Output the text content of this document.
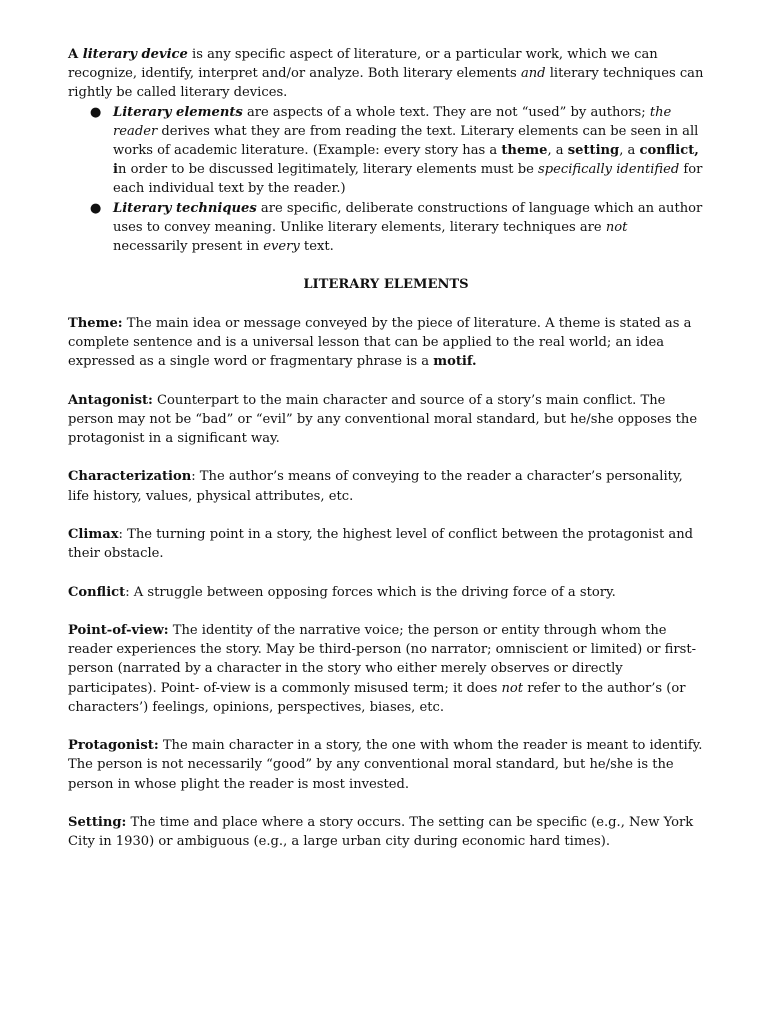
A literary device is any specific aspect of literature, or a particular work, which we can recognize, identify, interpret and/or analyze. Both literary elements and literary techniques can rightly be called literary devices.

● Literary elements are aspects of a whole text. They are not “used” by authors; the reader derives what they are from reading the text. Literary elements can be seen in all works of academic literature. (Example: every story has a theme, a setting, a conflict, in order to be discussed legitimately, literary elements must be specifically identified for each individual text by the reader.)
● Literary techniques are specific, deliberate constructions of language which an author uses to convey meaning. Unlike literary elements, literary techniques are not necessarily present in every text.

LITERARY ELEMENTS

Theme: The main idea or message conveyed by the piece of literature. A theme is stated as a complete sentence and is a universal lesson that can be applied to the real world; an idea expressed as a single word or fragmentary phrase is a motif.

Antagonist: Counterpart to the main character and source of a story’s main conflict. The person may not be “bad” or “evil” by any conventional moral standard, but he/she opposes the protagonist in a significant way.

Characterization: The author’s means of conveying to the reader a character’s personality, life history, values, physical attributes, etc.

Climax: The turning point in a story, the highest level of conflict between the protagonist and their obstacle.

Conflict: A struggle between opposing forces which is the driving force of a story.

Point-of-view: The identity of the narrative voice; the person or entity through whom the reader experiences the story. May be third-person (no narrator; omniscient or limited) or first-person (narrated by a character in the story who either merely observes or directly participates). Point- of-view is a commonly misused term; it does not refer to the author’s (or characters’) feelings, opinions, perspectives, biases, etc.

Protagonist: The main character in a story, the one with whom the reader is meant to identify. The person is not necessarily “good” by any conventional moral standard, but he/she is the person in whose plight the reader is most invested.

Setting: The time and place where a story occurs. The setting can be specific (e.g., New York City in 1930) or ambiguous (e.g., a large urban city during economic hard times).
